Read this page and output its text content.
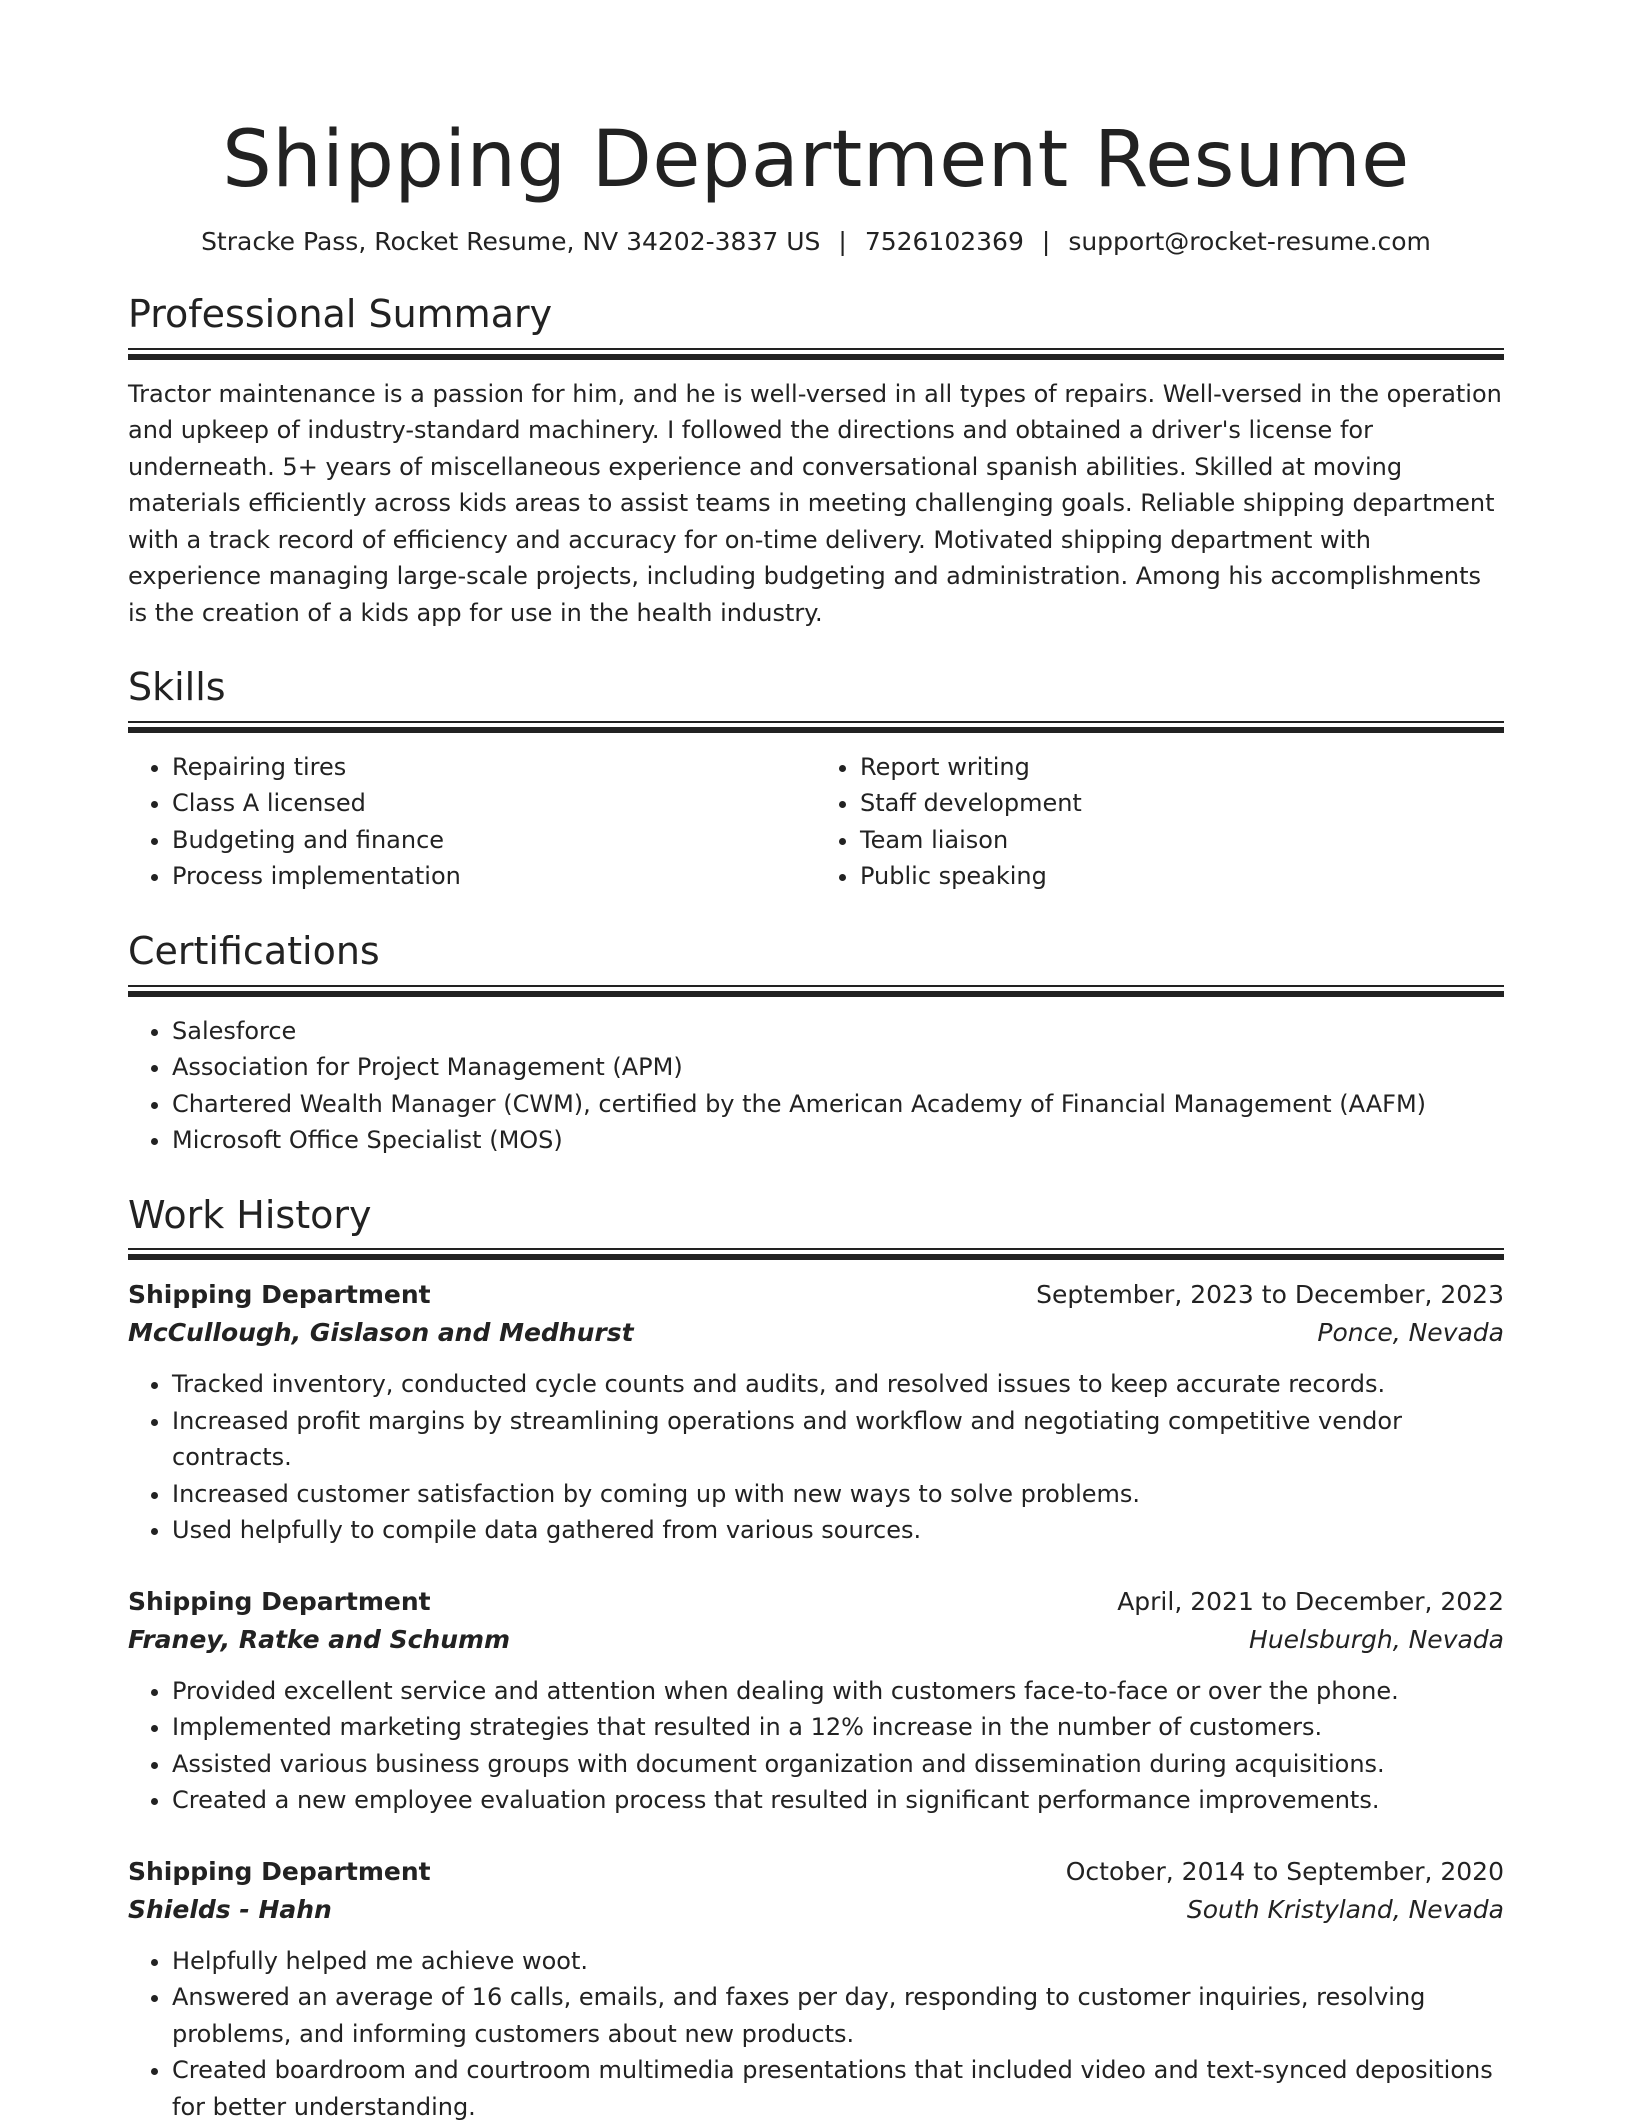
Shipping Department Resume
Stracke Pass, Rocket Resume, NV 34202-3837 US | 7526102369 | support@rocket-resume.com
Professional Summary

Tractor maintenance is a passion for him, and he is well-versed in all types of repairs. Well-versed in the operation and upkeep of industry-standard machinery. I followed the directions and obtained a driver's license for underneath. 5+ years of miscellaneous experience and conversational spanish abilities. Skilled at moving materials efficiently across kids areas to assist teams in meeting challenging goals. Reliable shipping department with a track record of efficiency and accuracy for on-time delivery. Motivated shipping department with experience managing large-scale projects, including budgeting and administration. Among his accomplishments is the creation of a kids app for use in the health industry.

Skills
• Repairing tires
• Class A licensed
• Budgeting and finance
• Process implementation
• Report writing
• Staff development
• Team liaison
• Public speaking
Certifications
• Salesforce
• Association for Project Management (APM)
• Chartered Wealth Manager (CWM), certified by the American Academy of Financial Management (AAFM)
• Microsoft Office Specialist (MOS)
Work History
Shipping Department	September, 2023 to December, 2023
McCullough, Gislason and Medhurst	Ponce, Nevada
• Tracked inventory, conducted cycle counts and audits, and resolved issues to keep accurate records.
• Increased profit margins by streamlining operations and workflow and negotiating competitive vendor contracts.
• Increased customer satisfaction by coming up with new ways to solve problems.
• Used helpfully to compile data gathered from various sources.
Shipping Department	April, 2021 to December, 2022
Franey, Ratke and Schumm	Huelsburgh, Nevada
• Provided excellent service and attention when dealing with customers face-to-face or over the phone.
• Implemented marketing strategies that resulted in a 12% increase in the number of customers.
• Assisted various business groups with document organization and dissemination during acquisitions.
• Created a new employee evaluation process that resulted in significant performance improvements.
Shipping Department	October, 2014 to September, 2020
Shields - Hahn	South Kristyland, Nevada
• Helpfully helped me achieve woot.
• Answered an average of 16 calls, emails, and faxes per day, responding to customer inquiries, resolving problems, and informing customers about new products.
• Created boardroom and courtroom multimedia presentations that included video and text-synced depositions for better understanding.
